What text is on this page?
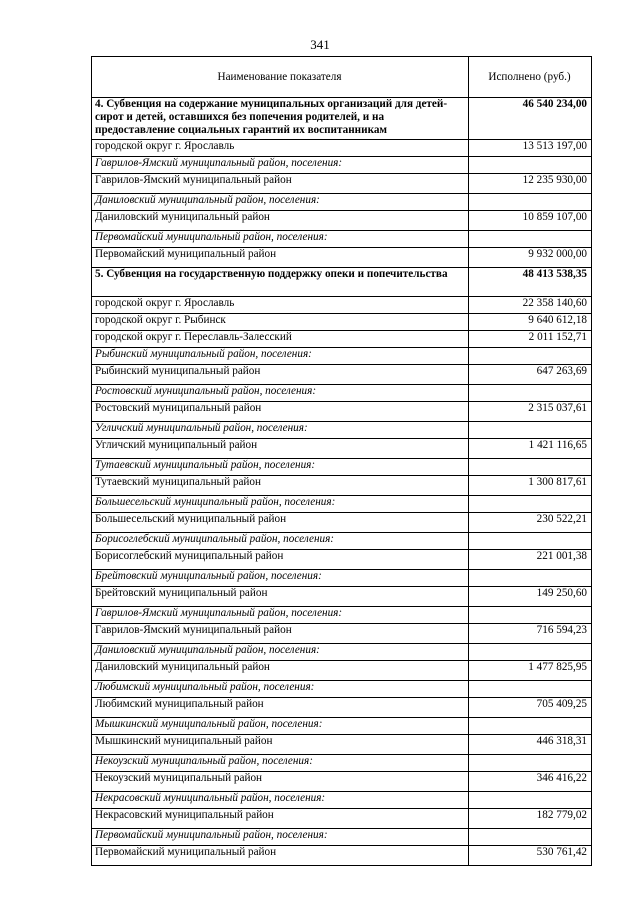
341
Наименование показателя	Исполнено (руб.)
4. Субвенция на содержание муниципальных организаций для детей-сирот и детей, оставшихся без попечения родителей, и на предоставление социальных гарантий их воспитанникам	46 540 234,00
городской округ г. Ярославль	13 513 197,00
Гаврилов-Ямский муниципальный район, поселения:	
Гаврилов-Ямский муниципальный район	12 235 930,00
Даниловский муниципальный район, поселения:	
Даниловский муниципальный район	10 859 107,00
Первомайский муниципальный район, поселения:	
Первомайский муниципальный район	9 932 000,00
5. Субвенция на государственную поддержку опеки и попечительства	48 413 538,35
городской округ г. Ярославль	22 358 140,60
городской округ г. Рыбинск	9 640 612,18
городской округ г. Переславль-Залесский	2 011 152,71
Рыбинский муниципальный район, поселения:	
Рыбинский муниципальный район	647 263,69
Ростовский муниципальный район, поселения:	
Ростовский муниципальный район	2 315 037,61
Угличский муниципальный район, поселения:	
Угличский муниципальный район	1 421 116,65
Тутаевский муниципальный район, поселения:	
Тутаевский муниципальный район	1 300 817,61
Большесельский муниципальный район, поселения:	
Большесельский муниципальный район	230 522,21
Борисоглебский муниципальный район, поселения:	
Борисоглебский муниципальный район	221 001,38
Брейтовский муниципальный район, поселения:	
Брейтовский муниципальный район	149 250,60
Гаврилов-Ямский муниципальный район, поселения:	
Гаврилов-Ямский муниципальный район	716 594,23
Даниловский муниципальный район, поселения:	
Даниловский муниципальный район	1 477 825,95
Любимский муниципальный район, поселения:	
Любимский муниципальный район	705 409,25
Мышкинский муниципальный район, поселения:	
Мышкинский муниципальный район	446 318,31
Некоузский муниципальный район, поселения:	
Некоузский муниципальный район	346 416,22
Некрасовский муниципальный район, поселения:	
Некрасовский муниципальный район	182 779,02
Первомайский муниципальный район, поселения:	
Первомайский муниципальный район	530 761,42
